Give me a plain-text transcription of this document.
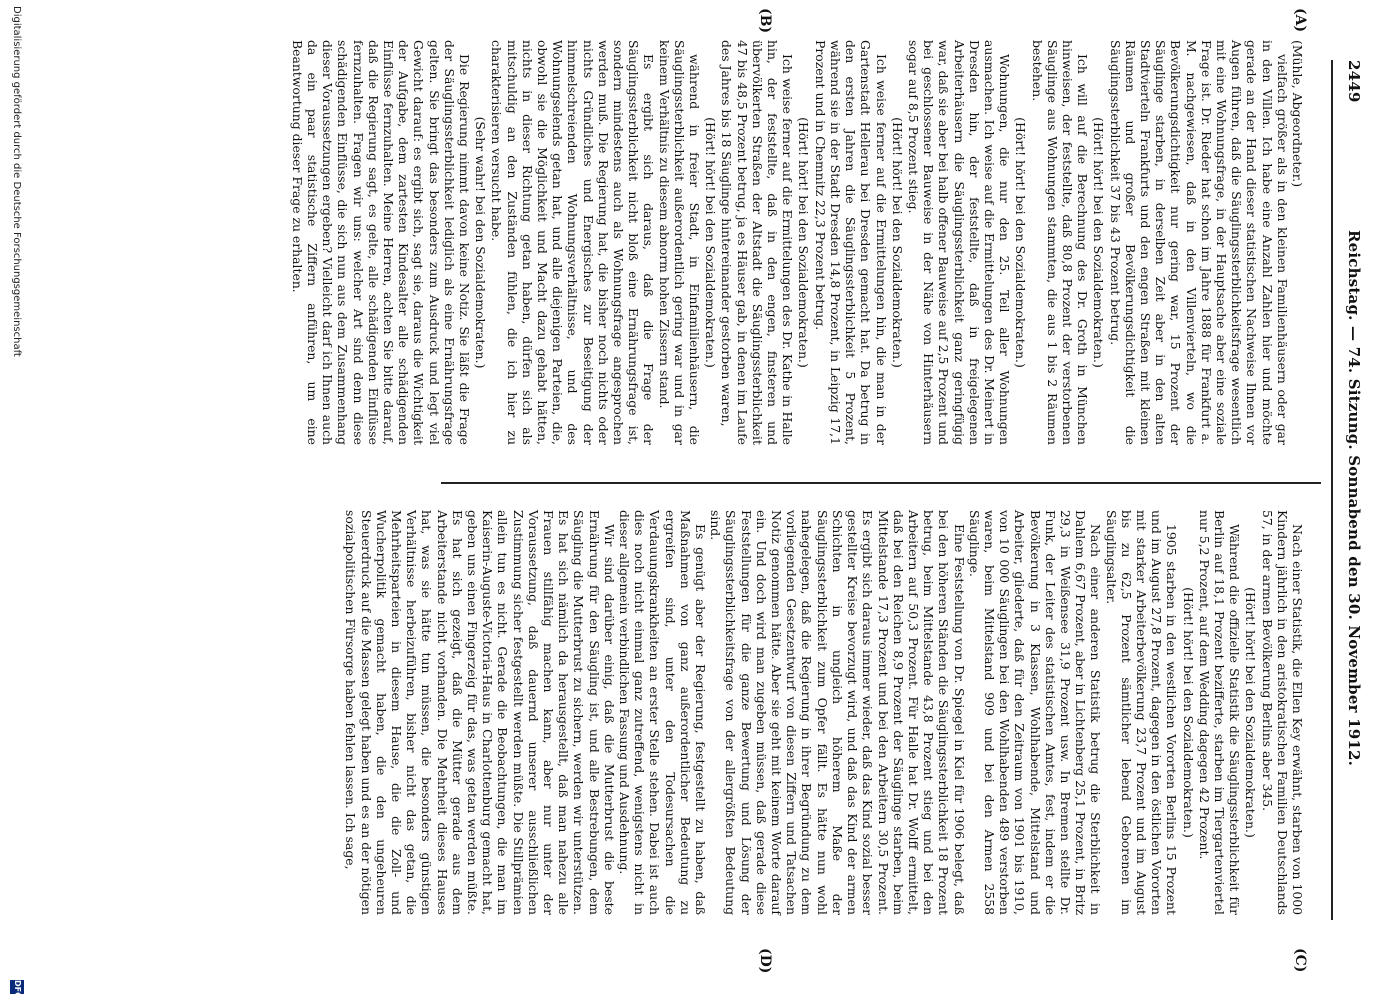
2449
Reichstag. — 74. Sitzung. Sonnabend den 30. November 1912.
(A)
(B)
(C)
(D)

(Mühle, Abgeordneter.)

vielfach größer als in den kleinen Familienhäusern oder gar in den Villen. Ich habe eine Anzahl Zahlen hier und möchte gerade an der Hand dieser statistischen Nachweise Ihnen vor Augen führen, daß die Säuglingssterblichkeitsfrage wesentlich mit eine Wohnungsfrage, in der Hauptsache aber eine soziale Frage ist. Dr. Rieder hat schon im Jahre 1888 für Frankfurt a. M. nachgewiesen, daß in den Villenvierteln, wo die Bevölkerungsdichtigkeit nur gering war, 15 Prozent der Säuglinge starben, in derselben Zeit aber in den alten Stadtvierteln Frankfurts und den engen Straßen mit kleinen Räumen und großer Bevölkerungsdichtigkeit die Säuglingssterblichkeit 37 bis 43 Prozent betrug.

(Hört! hört! bei den Sozialdemokraten.)

Ich will auf die Berechnung des Dr. Groth in München hinweisen, der feststellte, daß 80,8 Prozent der verstorbenen Säuglinge aus Wohnungen stammten, die aus 1 bis 2 Räumen bestehen.

(Hört! hört! bei den Sozialdemokraten.)

Wohnungen, die nur den 25. Teil aller Wohnungen ausmachen. Ich weise auf die Ermittelungen des Dr. Meinert in Dresden hin, der feststellte, daß in freigelegenen Arbeiterhäusern die Säuglingssterblichkeit ganz geringfügig war, daß sie aber bei halb offener Bauweise auf 2,5 Prozent und bei geschlossener Bauweise in der Nähe von Hinterhäusern sogar auf 8,5 Prozent stieg.

(Hört! hört! bei den Sozialdemokraten.)

Ich weise ferner auf die Ermittelungen hin, die man in der Gartenstadt Hellerau bei Dresden gemacht hat. Da betrug in den ersten Jahren die Säuglingssterblichkeit 5 Prozent, während sie in der Stadt Dresden 14,8 Prozent, in Leipzig 17,1 Prozent und in Chemnitz 22,3 Prozent betrug.

(Hört! hört! bei den Sozialdemokraten.)

Ich weise ferner auf die Ermittelungen des Dr. Kathe in Halle hin, der feststellte, daß in den engen, finsteren und übervölkerten Straßen der Altstadt die Säuglingssterblichkeit 47 bis 48,5 Prozent betrug, ja es Häuser gab, in denen im Laufe des Jahres bis 18 Säuglinge hintereinander gestorben waren,

(Hört! hört! bei den Sozialdemokraten.)

während in freier Stadt, in Einfamilienhäusern, die Säuglingssterblichkeit außerordentlich gering war und in gar keinem Verhältnis zu diesem abnorm hohen Zissern stand.

Es ergibt sich daraus, daß die Frage der Säuglingssterblichkeit nicht bloß eine Ernährungsfrage ist, sondern mindestens auch als Wohnungsfrage angesprochen werden muß. Die Regierung hat, die bisher noch nichts oder nichts Gründliches und Energisches zur Beseitigung der himmelschreienden Wohnungsverhältnisse, und des Wohnungselends getan hat, und alle diejenigen Parteien, die, obwohl sie die Möglichkeit und Macht dazu gehabt hätten, nichts in dieser Richtung getan haben, dürfen sich als mitschuldig an den Zuständen fühlen, die ich hier zu charakterisieren versucht habe.

(Sehr wahr! bei den Sozialdemokraten.)

Die Regierung nimmt davon keine Notiz. Sie läßt die Frage der Säuglingssterblichkeit lediglich als eine Ernährungsfrage gelten. Sie bringt das besonders zum Ausdruck und legt viel Gewicht darauf: es ergibt sich, sagt sie, daraus die Wichtigkeit der Aufgabe, dem zartesten Kindesalter alle schädigenden Einflüsse fernzuhalten. Meine Herren, achten Sie bitte darauf, daß die Regierung sagt, es gelte, alle schädigenden Einflüsse fernzuhalten. Fragen wir uns: welcher Art sind denn diese schädigenden Einflüsse, die sich nun aus dem Zusammenhang dieser Voraussetzungen ergeben? Vielleicht darf ich Ihnen auch da ein paar statistische Ziffern anführen, um eine Beantwortung dieser Frage zu erhalten.

Nach einer Statistik, die Ellen Key erwähnt, starben von 1000 Kindern jährlich in den aristokratischen Familien Deutschlands 57, in der armen Bevölkerung Berlins aber 345.

(Hört! hört! bei den Sozialdemokraten.)

Während die offizielle Statistik die Säuglingssterblichkeit für Berlin auf 18,1 Prozent bezifferte, starben im Tiergartenviertel nur 5,2 Prozent, auf dem Wedding dagegen 42 Prozent.

(Hört! hört! bei den Sozialdemokraten.)

1905 starben in den westlichen Vororten Berlins 15 Prozent und im August 27,8 Prozent, dagegen in den östlichen Vororten mit starker Arbeiterbevölkerung 23,7 Prozent und im August bis zu 62,5 Prozent sämtlicher lebend Geborenen im Säuglingsalter.

Nach einer anderen Statistik betrug die Sterblichkeit in Dahlem 6,67 Prozent, aber in Lichtenberg 25,1 Prozent, in Britz 29,3 in Weißensee 31,9 Prozent usw. In Bremen stellte Dr. Funk, der Leiter des statistischen Amtes, fest, indem er die Bevölkerung in 3 Klassen, Wohlhabende, Mittelstand und Arbeiter, gliederte, daß für den Zeitraum von 1901 bis 1910, von 10 000 Säuglingen bei den Wohlhabenden 489 verstorben waren, beim Mittelstand 909 und bei den Armen 2558 Säuglinge.

Eine Feststellung von Dr. Spiegel in Kiel für 1906 belegt, daß bei den höheren Ständen die Säuglingssterblichkeit 18 Prozent betrug, beim Mittelstande 43,8 Prozent stieg und bei den Arbeitern auf 50,3 Prozent. Für Halle hat Dr. Wolff ermittelt, daß bei den Reichen 8,9 Prozent der Säuglinge starben, beim Mittelstande 17,3 Prozent und bei den Arbeitern 30,5 Prozent. Es ergibt sich daraus immer wieder, daß das Kind sozial besser gestellter Kreise bevorzugt wird, und daß das Kind der armen Schichten in ungleich höherem Maße der Säuglingssterblichkeit zum Opfer fällt. Es hätte nun wohl nahegelegen, daß die Regierung in ihrer Begründung zu dem vorliegenden Gesetzentwurf von diesen Ziffern und Tatsachen Notiz genommen hätte. Aber sie geht mit keinem Worte darauf ein. Und doch wird man zugeben müssen, daß gerade diese Feststellungen für die ganze Bewertung und Lösung der Säuglingssterblichkeitsfrage von der allergrößten Bedeutung sind.

Es genügt aber der Regierung, festgestellt zu haben, daß Maßnahmen von ganz außerordentlicher Bedeutung zu ergreifen sind, unter den Todesursachen die Verdauungskrankheiten an erster Stelle stehen. Dabei ist auch dies noch nicht einmal ganz zutreffend, wenigstens nicht in dieser allgemein verbindlichen Fassung und Ausdehnung.

Wir sind darüber einig, daß die Mutterbrust die beste Ernährung für den Säugling ist, und alle Bestrebungen, dem Säugling die Mutterbrust zu sichern, werden wir unterstützen. Es hat sich nämlich da herausgestellt, daß man nahezu alle Frauen stillfähig machen kann, aber nur unter der Voraussetzung, daß dauernd unserer ausschließlichen Zustimmung sicher festgestellt werden müßte. Die Stillprämien allein tun es nicht. Gerade die Beobachtungen, die man im Kaiserin-Auguste-Victoria-Haus in Charlottenburg gemacht hat, geben uns einen Fingerzeig für das, was getan werden müßte. Es hat sich gezeigt, daß die Mütter gerade aus dem Arbeiterstande nicht vorhanden. Die Mehrheit dieses Hauses hat, was sie hätte tun müssen, die besonders günstigen Verhältnisse herbeizuführen, bisher nicht das getan, die Mehrheitsparteien in diesem Hause, die die Zoll- und Wucherpolitik gemacht haben, die den ungeheuren Steuerdruck auf die Massen gelegt haben und es an der nötigen sozialpolitischen Fürsorge haben fehlen lassen. Ich sage,

Digitalisierung gefördert durch die Deutsche Forschungsgemeinschaft
DFG
